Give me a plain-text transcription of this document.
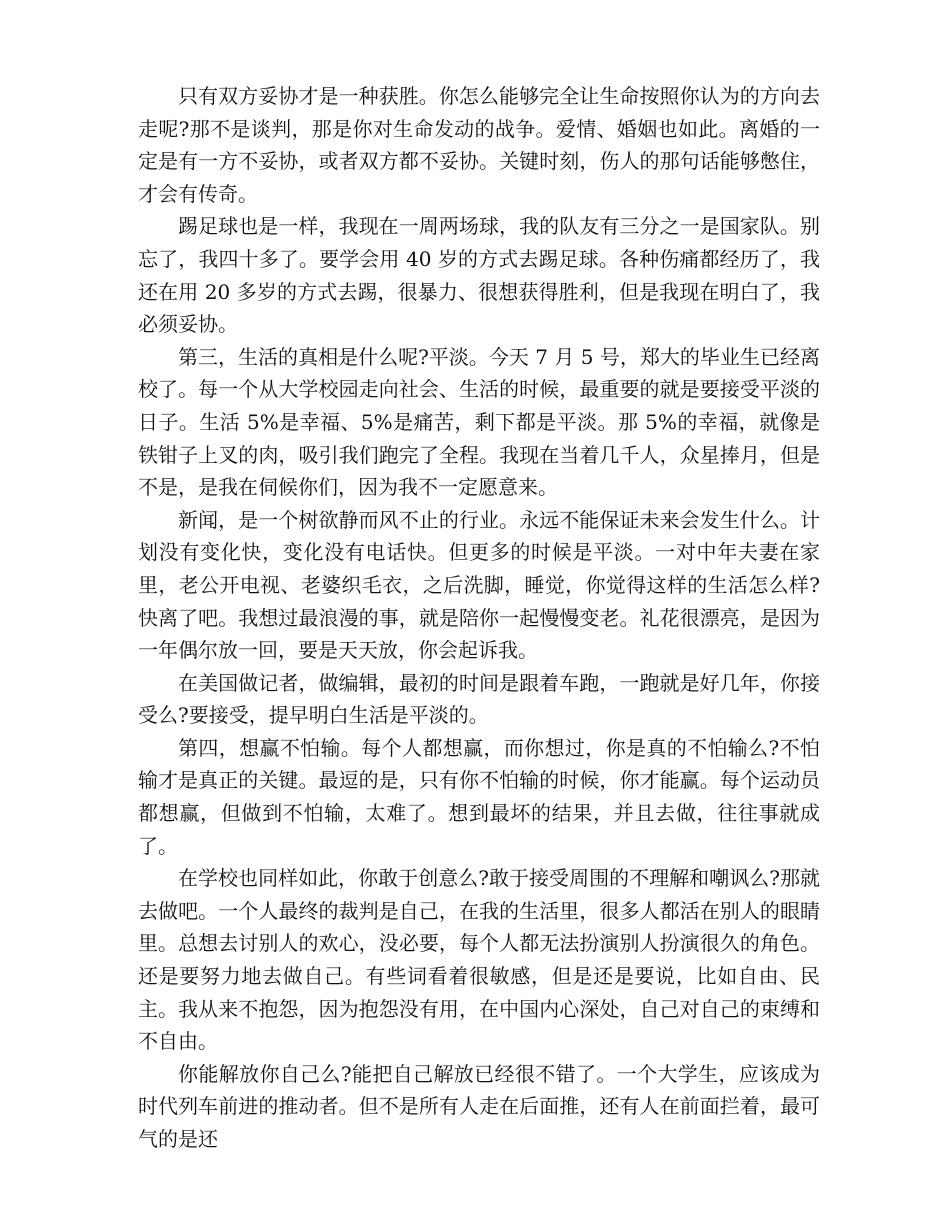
只有双方妥协才是一种获胜。你怎么能够完全让生命按照你认为的方向去走呢?那不是谈判，那是你对生命发动的战争。爱情、婚姻也如此。离婚的一定是有一方不妥协，或者双方都不妥协。关键时刻，伤人的那句话能够憋住，才会有传奇。

踢足球也是一样，我现在一周两场球，我的队友有三分之一是国家队。别忘了，我四十多了。要学会用 40 岁的方式去踢足球。各种伤痛都经历了，我还在用 20 多岁的方式去踢，很暴力、很想获得胜利，但是我现在明白了，我必须妥协。

第三，生活的真相是什么呢?平淡。今天 7 月 5 号，郑大的毕业生已经离校了。每一个从大学校园走向社会、生活的时候，最重要的就是要接受平淡的日子。生活 5%是幸福、5%是痛苦，剩下都是平淡。那 5%的幸福，就像是铁钳子上叉的肉，吸引我们跑完了全程。我现在当着几千人，众星捧月，但是不是，是我在伺候你们，因为我不一定愿意来。

新闻，是一个树欲静而风不止的行业。永远不能保证未来会发生什么。计划没有变化快，变化没有电话快。但更多的时候是平淡。一对中年夫妻在家里，老公开电视、老婆织毛衣，之后洗脚，睡觉，你觉得这样的生活怎么样?快离了吧。我想过最浪漫的事，就是陪你一起慢慢变老。礼花很漂亮，是因为一年偶尔放一回，要是天天放，你会起诉我。

在美国做记者，做编辑，最初的时间是跟着车跑，一跑就是好几年，你接受么?要接受，提早明白生活是平淡的。

第四，想赢不怕输。每个人都想赢，而你想过，你是真的不怕输么?不怕输才是真正的关键。最逗的是，只有你不怕输的时候，你才能赢。每个运动员都想赢，但做到不怕输，太难了。想到最坏的结果，并且去做，往往事就成了。

在学校也同样如此，你敢于创意么?敢于接受周围的不理解和嘲讽么?那就去做吧。一个人最终的裁判是自己，在我的生活里，很多人都活在别人的眼睛里。总想去讨别人的欢心，没必要，每个人都无法扮演别人扮演很久的角色。还是要努力地去做自己。有些词看着很敏感，但是还是要说，比如自由、民主。我从来不抱怨，因为抱怨没有用，在中国内心深处，自己对自己的束缚和不自由。

你能解放你自己么?能把自己解放已经很不错了。一个大学生，应该成为时代列车前进的推动者。但不是所有人走在后面推，还有人在前面拦着，最可气的是还
